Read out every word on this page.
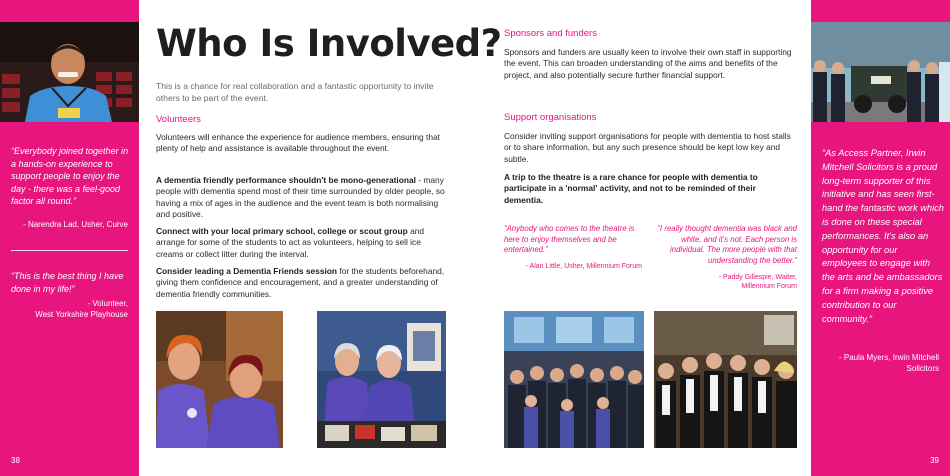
“Everybody joined together in a hands-on experience to support people to enjoy the day - there was a feel-good factor all round.”
- Narendra Lad, Usher, Curve
“This is the best thing I have done in my life!”
- Volunteer,
West Yorkshire Playhouse
38
Who Is Involved?
This is a chance for real collaboration and a fantastic opportunity to invite others to be part of the event.
Volunteers
Volunteers will enhance the experience for audience members, ensuring that plenty of help and assistance is available throughout the event.
A dementia friendly performance shouldn't be mono-generational - many people with dementia spend most of their time surrounded by older people, so having a mix of ages in the audience and the event team is both normalising and positive.
Connect with your local primary school, college or scout group and arrange for some of the students to act as volunteers, helping to sell ice creams or collect litter during the interval.
Consider leading a Dementia Friends session for the students beforehand, giving them confidence and encouragement, and a greater understanding of dementia friendly communities.
Sponsors and funders
Sponsors and funders are usually keen to involve their own staff in supporting the event. This can broaden understanding of the aims and benefits of the project, and also potentially secure further financial support.
Support organisations
Consider inviting support organisations for people with dementia to host stalls or to share information, but any such presence should be kept low key and subtle.
A trip to the theatre is a rare chance for people with dementia to participate in a 'normal' activity, and not to be reminded of their dementia.
“Anybody who comes to the theatre is here to enjoy themselves and be entertained.”
- Alan Little, Usher, Millennium Forum
“I really thought dementia was black and white, and it's not. Each person is individual. The more people with that understanding the better.”
- Paddy Gillespie, Waiter,
Millennium Forum
“As Access Partner, Irwin Mitchell Solicitors is a proud long-term supporter of this initiative and has seen first-hand the fantastic work which is done on these special performances. It's also an opportunity for our employees to engage with the arts and be ambassadors for a firm making a positive contribution to our community.”
- Paula Myers, Irwin Mitchell Solicitors
39
